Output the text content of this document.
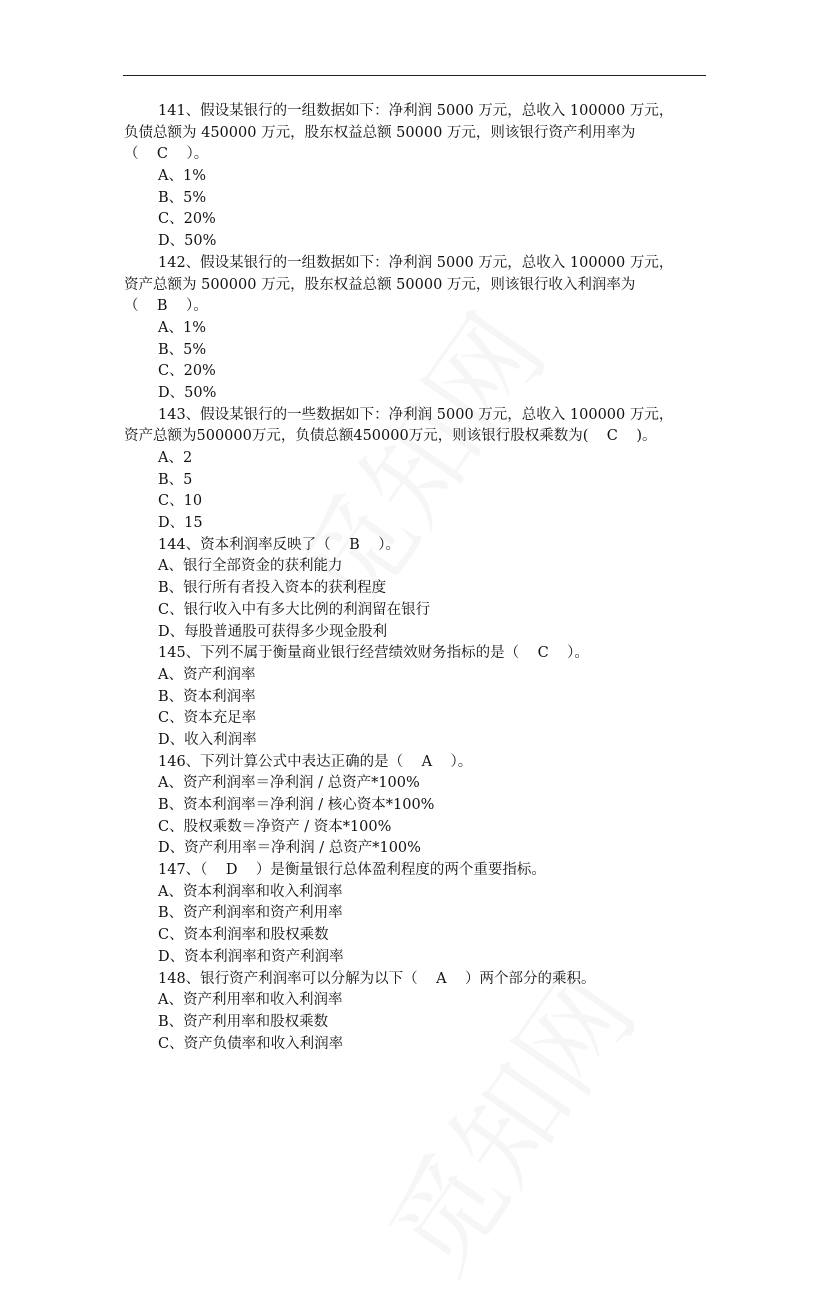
141、假设某银行的一组数据如下：净利润 5000 万元，总收入 100000 万元，
负债总额为 450000 万元，股东权益总额 50000 万元，则该银行资产利用率为
（    C    ）。
A、1%
B、5%
C、20%
D、50%
142、假设某银行的一组数据如下：净利润 5000 万元，总收入 100000 万元，
资产总额为 500000 万元，股东权益总额 50000 万元，则该银行收入利润率为
（    B    ）。
A、1%
B、5%
C、20%
D、50%
143、假设某银行的一些数据如下：净利润 5000 万元，总收入 100000 万元，
资产总额为500000万元，负债总额450000万元，则该银行股权乘数为(    C    )。
A、2
B、5
C、10
D、15
144、资本利润率反映了（    B    ）。
A、银行全部资金的获利能力
B、银行所有者投入资本的获利程度
C、银行收入中有多大比例的利润留在银行
D、每股普通股可获得多少现金股利
145、下列不属于衡量商业银行经营绩效财务指标的是（    C    ）。
A、资产利润率
B、资本利润率
C、资本充足率
D、收入利润率
146、下列计算公式中表达正确的是（    A    ）。
A、资产利润率＝净利润 / 总资产*100%
B、资本利润率＝净利润 / 核心资本*100%
C、股权乘数＝净资产 / 资本*100%
D、资产利用率＝净利润 / 总资产*100%
147、（    D    ）是衡量银行总体盈利程度的两个重要指标。
A、资本利润率和收入利润率
B、资产利润率和资产利用率
C、资本利润率和股权乘数
D、资本利润率和资产利润率
148、银行资产利润率可以分解为以下（    A    ）两个部分的乘积。
A、资产利用率和收入利润率
B、资产利用率和股权乘数
C、资产负债率和收入利润率
